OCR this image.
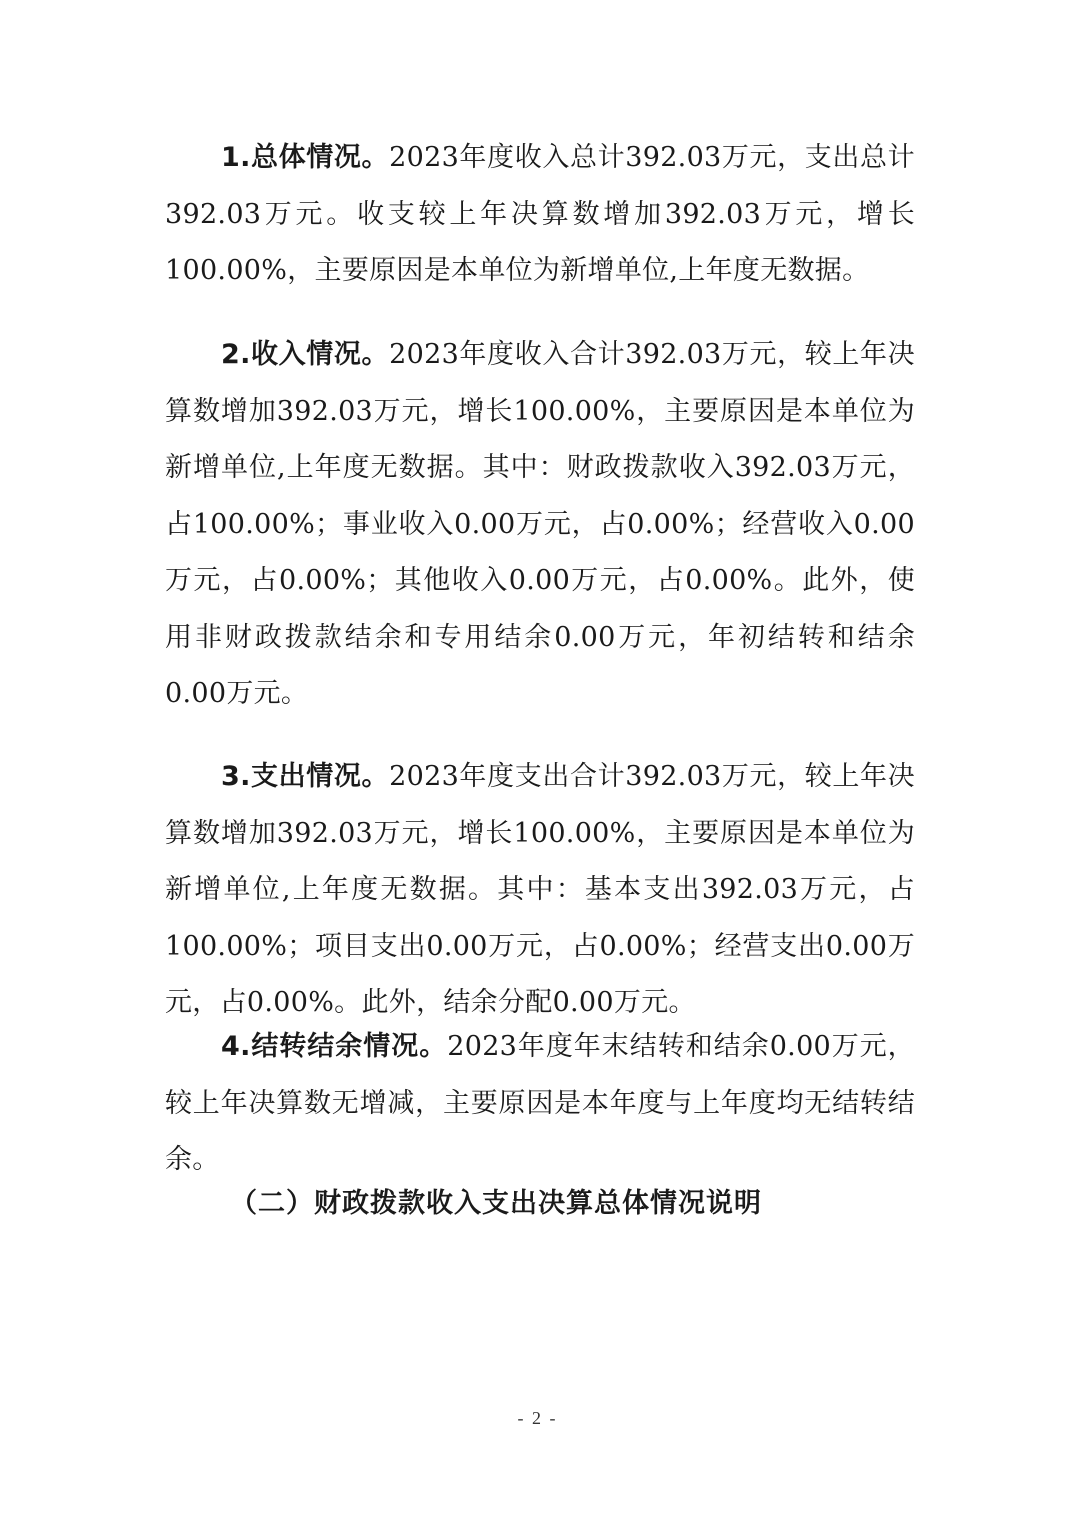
1.总体情况。2023年度收入总计392.03万元，支出总计392.03万元。收支较上年决算数增加392.03万元，增长100.00%，主要原因是本单位为新增单位,上年度无数据。

2.收入情况。2023年度收入合计392.03万元，较上年决算数增加392.03万元，增长100.00%，主要原因是本单位为新增单位,上年度无数据。其中：财政拨款收入392.03万元，占100.00%；事业收入0.00万元，占0.00%；经营收入0.00万元，占0.00%；其他收入0.00万元，占0.00%。此外，使用非财政拨款结余和专用结余0.00万元，年初结转和结余0.00万元。

3.支出情况。2023年度支出合计392.03万元，较上年决算数增加392.03万元，增长100.00%，主要原因是本单位为新增单位,上年度无数据。其中：基本支出392.03万元，占100.00%；项目支出0.00万元，占0.00%；经营支出0.00万元，占0.00%。此外，结余分配0.00万元。

4.结转结余情况。2023年度年末结转和结余0.00万元，较上年决算数无增减，主要原因是本年度与上年度均无结转结余。

（二）财政拨款收入支出决算总体情况说明
- 2 -
